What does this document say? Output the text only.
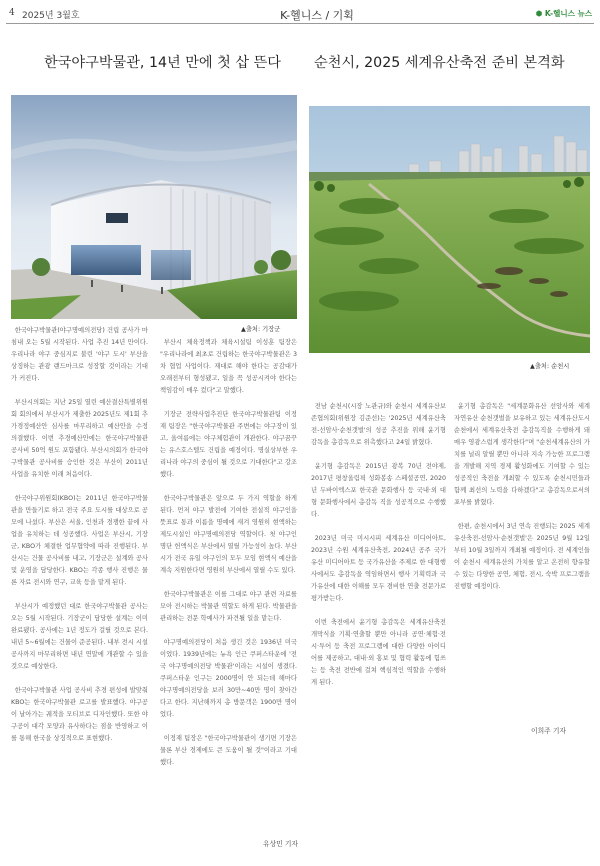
4 2025년 3월호	K-헬니스 / 기획	⬢ K-헬니스 뉴스
한국야구박물관, 14년 만에 첫 삽 뜬다 순천시, 2025 세계유산축전 준비 본격화
▲출처: 기장군
▲출처: 순천시

한국야구박물관(야구명예의전당) 건립 공사가 마침내 오는 5월 시작된다. 사업 추진 14년 만이다. 우리나라 야구 중심지로 불린 '야구 도시' 부산을 상징하는 관광 랜드마크로 성장할 것이라는 기대가 커진다.

부산시의회는 지난 25일 열린 예산결산특별위원회 회의에서 부산시가 제출한 2025년도 제1회 추가경정예산안 심사를 마무리하고 예산안을 수정 의결했다. 이번 추경예산안에는 한국야구박물관 공사비 50억 원도 포함됐다. 부산시의회가 한국야구박물관 공사비를 승인한 것은 부산이 2011년 사업을 유치한 이래 처음이다.

한국야구위원회(KBO)는 2011년 한국야구박물관을 만들기로 하고 전국 주요 도시를 대상으로 공모에 나섰다. 부산은 서울, 인천과 경쟁한 끝에 사업을 유치하는 데 성공했다. 사업은 부산시, 기장군, KBO가 체결한 업무협약에 따라 진행된다. 부산시는 건물 공사비를 내고, 기장군은 설계와 공사 및 운영을 담당한다. KBO는 각종 행사 진행은 물론 자료 전시와 연구, 교육 등을 맡게 된다.

부산시가 예정했던 대로 한국야구박물관 공사는 오는 5월 시작된다. 기장군이 담당한 설계는 이미 완료됐다. 공사에는 1년 정도가 걸릴 것으로 본다. 내년 5~6월에는 건물이 준공된다. 내부 전시 시설 공사까지 마무리하면 내년 연말에 개관할 수 있을 것으로 예상한다.

한국야구박물관 사업 공사비 추경 편성에 발맞춰 KBO는 한국야구박물관 로고를 발표했다. 야구공이 날아가는 궤적을 모티브로 디자인했다. 또한 야구공이 대각 모양과 유사하다는 점을 반영하고 이를 통해 한국을 상징적으로 표현했다.

부산시 체육정책과 체육시설팀 이성훈 팀장은 "우리나라에 최초로 건립하는 한국야구박물관은 3차 협업 사업이다. 재대로 해야 한다는 공감대가 오래전부터 형성됐고, 일을 꼭 성공시켜야 한다는 책임감이 매우 컸다"고 말했다.

기장군 전략사업추진단 한국야구박물관팀 이정재 팀장은 "한국야구박물관 주변에는 야구장이 있고, 올여름에는 야구체험관이 개관한다. 야구꿈꾸는 유스호스텔도 건립을 예정이다. 명실상부한 우리나라 야구의 중심이 될 것으로 기대한다"고 강조했다.

한국야구박물관은 앞으로 두 가지 역할을 하게 된다. 먼저 야구 발전에 기여한 전설적 야구인을 뜻표로 통과 이름을 명예에 새겨 영원히 현액하는 제도시설인 야구명예의전당 역할이다. 첫 야구인 명단 헌액식은 부산에서 열릴 가능성이 높다. 부산시가 전국 유일 야구인의 모두 모임 현액식 예산을 계속 지원한다면 영원히 부산에서 열릴 수도 있다.

한국야구박물관은 이를 그대로 야구 관련 자료를 모아 전시하는 박물관 역할도 하게 된다. 박물관을 관리하는 전문 학예사가 파견될 일을 맡는다.

야구명예의전당이 처음 생긴 것은 1936년 미국이었다. 1939년에는 뉴욕 인근 쿠퍼스타운에 '전국 야구명예의전당 박물관'이라는 시설이 생겼다. 쿠퍼스타운 인구는 2000명이 안 되는데 해마다 야구명예의전당을 보러 30만~40만 명이 찾아간다고 한다. 지난해까지 총 방문객은 1900만 명이었다.

이정재 팀장은 "한국야구박물관이 생기면 기장은 물론 부산 경제에도 큰 도움이 될 것"이라고 기대했다.

유상민 기자

전남 순천시(시장 노관규)와 순천시 세계유산보존협의회(위원장 김준선)는 '2025년 세계유산축전-선암사·순천갯벌'의 성공 추진을 위해 윤기형 감독을 총감독으로 위촉했다고 24일 밝혔다.

윤기형 총감독은 2015년 광복 70년 전야제, 2017년 평창올림픽 성화봉송 스페셜공연, 2020년 두바이엑스포 한국관 문화행사 등 국내·외 대형 문화행사에서 총감독 직을 성공적으로 수행했다.

2023년 미국 미시시피 세계유산 미디어아트, 2023년 수원 세계유산축전, 2024년 공주 국가유산 미디어아트 등 국가유산을 주제로 한 대형행사에서도 총감독을 역임하면서 행사 기획력과 국가유산에 대한 이해를 모두 겸비한 연출 전문가로 평가받는다.

이번 축전에서 윤기형 총감독은 세계유산축전 개막식을 기획·연출할 뿐만 아니라 공연·체험·전시·투어 등 축전 프로그램에 대한 다양한 아이디어를 제공하고, 대내·외 홍보 및 협력 활동에 힘쓰는 등 축전 전반에 걸쳐 핵심적인 역할을 수행하게 된다.

윤기형 총감독은 "세계문화유산 선암사와 세계자연유산 순천갯벌을 보유하고 있는 세계유산도시 순천에서 세계유산축전 총감독직을 수행하게 돼 매우 영광스럽게 생각한다"며 "순천세계유산의 가치를 널리 알릴 뿐만 아니라 지속 가능한 프로그램을 개발해 지역 경제 활성화에도 기여할 수 있는 성공적인 축전을 개최할 수 있도록 순천시민들과 함께 최선의 노력을 다하겠다"고 총감독으로서의 포부를 밝혔다.

한편, 순천시에서 3년 연속 진행되는 2025 세계유산축전-선암사·순천갯벌'은 2025년 9월 12일부터 10월 3일까지 개최될 예정이다. 전 세계인들이 순천시 세계유산의 가치를 알고 온전히 향유할 수 있는 다양한 공연, 체험, 전시, 숙박 프로그램을 진행할 예정이다.

이희주 기자
